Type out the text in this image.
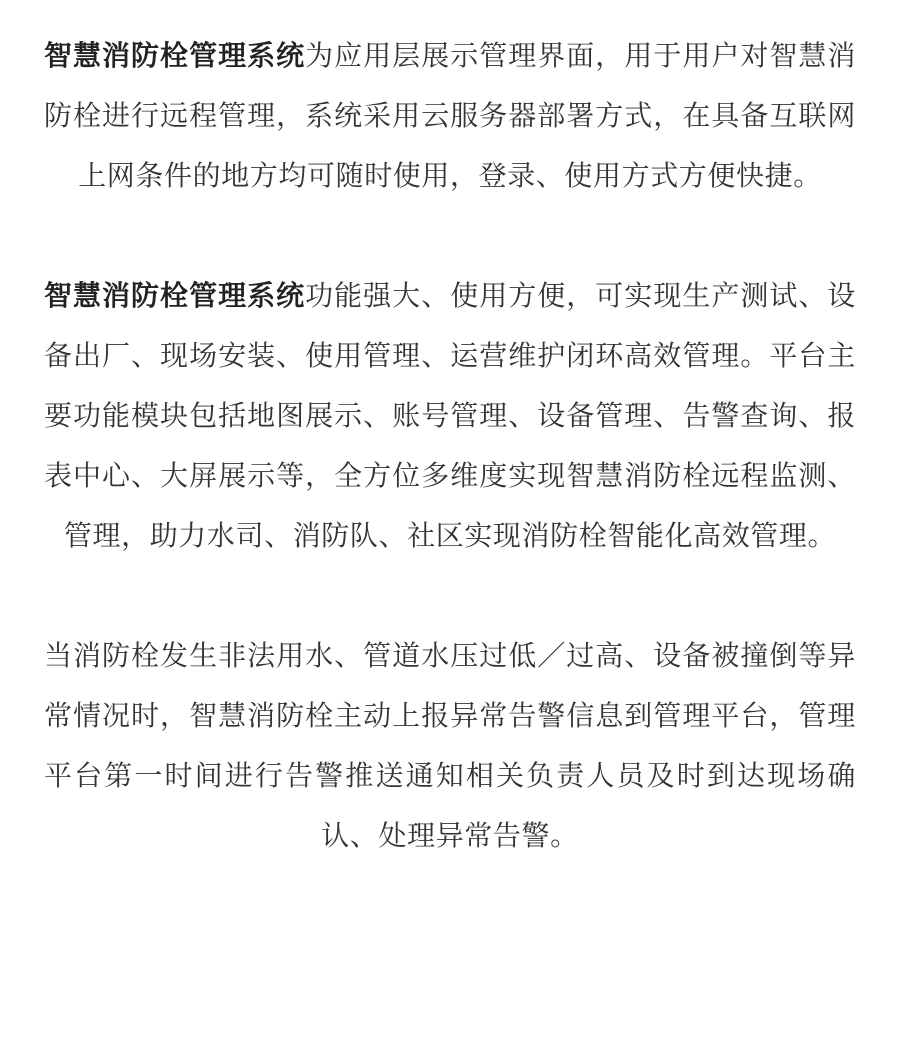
智慧消防栓管理系统为应用层展示管理界面，用于用户对智慧消防栓进行远程管理，系统采用云服务器部署方式，在具备互联网上网条件的地方均可随时使用，登录、使用方式方便快捷。

智慧消防栓管理系统功能强大、使用方便，可实现生产测试、设备出厂、现场安装、使用管理、运营维护闭环高效管理。平台主要功能模块包括地图展示、账号管理、设备管理、告警查询、报表中心、大屏展示等，全方位多维度实现智慧消防栓远程监测、管理，助力水司、消防队、社区实现消防栓智能化高效管理。

当消防栓发生非法用水、管道水压过低／过高、设备被撞倒等异常情况时，智慧消防栓主动上报异常告警信息到管理平台，管理平台第一时间进行告警推送通知相关负责人员及时到达现场确认、处理异常告警。
